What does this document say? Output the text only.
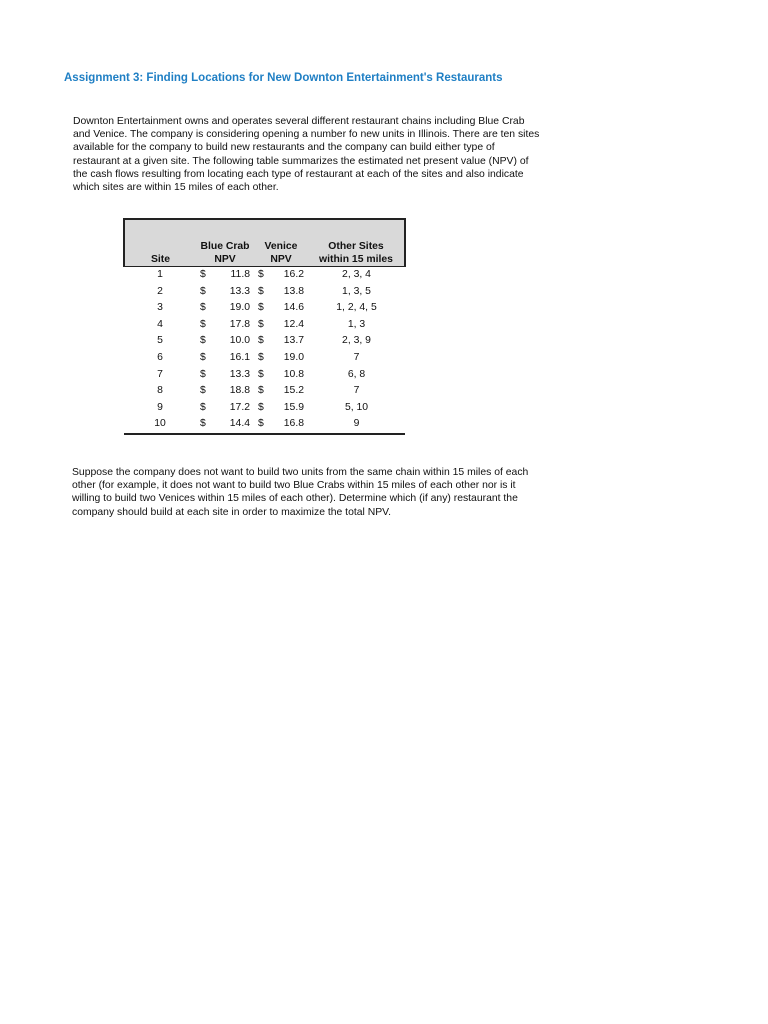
Assignment 3: Finding Locations for New Downton Entertainment's Restaurants

Downton Entertainment owns and operates several different restaurant chains including Blue Crab
and Venice. The company is considering opening a number fo new units in Illinois. There are ten sites
available for the company to build new restaurants and the company can build either type of
restaurant at a given site. The following table summarizes the estimated net present value (NPV) of
the cash flows resulting from locating each type of restaurant at each of the sites and also indicate
which sites are within 15 miles of each other.

	Blue Crab		Venice		Other Sites
Site	NPV		NPV		within 15 miles
1	$	11.8	$	16.2	2, 3, 4
2	$	13.3	$	13.8	1, 3, 5
3	$	19.0	$	14.6	1, 2, 4, 5
4	$	17.8	$	12.4	1, 3
5	$	10.0	$	13.7	2, 3, 9
6	$	16.1	$	19.0	7
7	$	13.3	$	10.8	6, 8
8	$	18.8	$	15.2	7
9	$	17.2	$	15.9	5, 10
10	$	14.4	$	16.8	9

Suppose the company does not want to build two units from the same chain within 15 miles of each
other (for example, it does not want to build two Blue Crabs within 15 miles of each other nor is it
willing to build two Venices within 15 miles of each other). Determine which (if any) restaurant the
company should build at each site in order to maximize the total NPV.
